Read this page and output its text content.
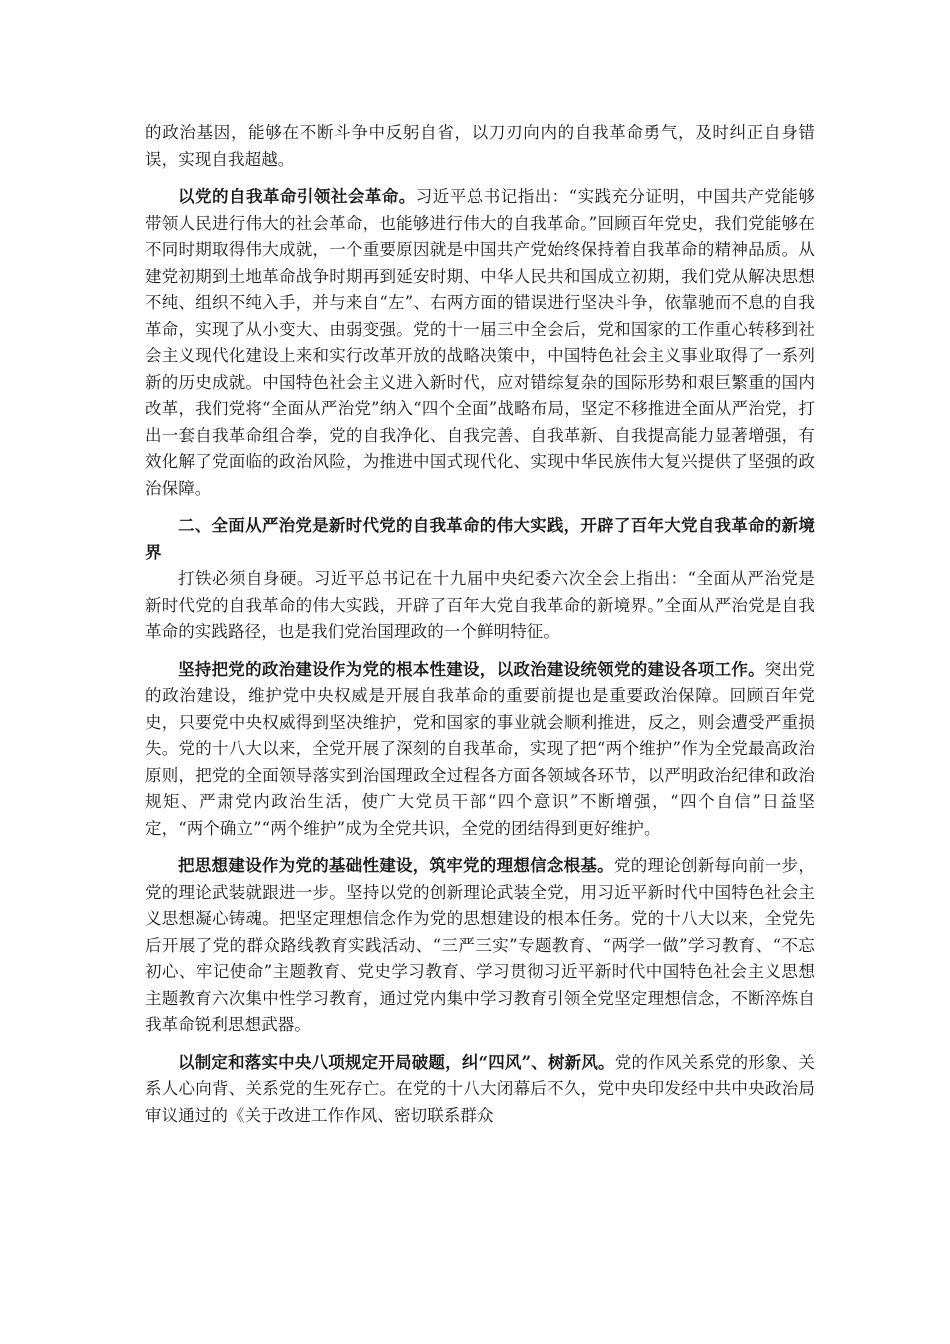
的政治基因，能够在不断斗争中反躬自省，以刀刃向内的自我革命勇气，及时纠正自身错误，实现自我超越。

以党的自我革命引领社会革命。习近平总书记指出：“实践充分证明，中国共产党能够带领人民进行伟大的社会革命，也能够进行伟大的自我革命。”回顾百年党史，我们党能够在不同时期取得伟大成就，一个重要原因就是中国共产党始终保持着自我革命的精神品质。从建党初期到土地革命战争时期再到延安时期、中华人民共和国成立初期，我们党从解决思想不纯、组织不纯入手，并与来自“左”、右两方面的错误进行坚决斗争，依靠驰而不息的自我革命，实现了从小变大、由弱变强。党的十一届三中全会后，党和国家的工作重心转移到社会主义现代化建设上来和实行改革开放的战略决策中，中国特色社会主义事业取得了一系列新的历史成就。中国特色社会主义进入新时代，应对错综复杂的国际形势和艰巨繁重的国内改革，我们党将“全面从严治党”纳入“四个全面”战略布局，坚定不移推进全面从严治党，打出一套自我革命组合拳，党的自我净化、自我完善、自我革新、自我提高能力显著增强，有效化解了党面临的政治风险，为推进中国式现代化、实现中华民族伟大复兴提供了坚强的政治保障。

二、全面从严治党是新时代党的自我革命的伟大实践，开辟了百年大党自我革命的新境界

打铁必须自身硬。习近平总书记在十九届中央纪委六次全会上指出：“全面从严治党是新时代党的自我革命的伟大实践，开辟了百年大党自我革命的新境界。”全面从严治党是自我革命的实践路径，也是我们党治国理政的一个鲜明特征。

坚持把党的政治建设作为党的根本性建设，以政治建设统领党的建设各项工作。突出党的政治建设，维护党中央权威是开展自我革命的重要前提也是重要政治保障。回顾百年党史，只要党中央权威得到坚决维护，党和国家的事业就会顺利推进，反之，则会遭受严重损失。党的十八大以来，全党开展了深刻的自我革命，实现了把“两个维护”作为全党最高政治原则，把党的全面领导落实到治国理政全过程各方面各领域各环节，以严明政治纪律和政治规矩、严肃党内政治生活，使广大党员干部“四个意识”不断增强，“四个自信”日益坚定，“两个确立”“两个维护”成为全党共识，全党的团结得到更好维护。

把思想建设作为党的基础性建设，筑牢党的理想信念根基。党的理论创新每向前一步，党的理论武装就跟进一步。坚持以党的创新理论武装全党，用习近平新时代中国特色社会主义思想凝心铸魂。把坚定理想信念作为党的思想建设的根本任务。党的十八大以来，全党先后开展了党的群众路线教育实践活动、“三严三实”专题教育、“两学一做”学习教育、“不忘初心、牢记使命”主题教育、党史学习教育、学习贯彻习近平新时代中国特色社会主义思想主题教育六次集中性学习教育，通过党内集中学习教育引领全党坚定理想信念，不断淬炼自我革命锐利思想武器。

以制定和落实中央八项规定开局破题，纠“四风”、树新风。党的作风关系党的形象、关系人心向背、关系党的生死存亡。在党的十八大闭幕后不久，党中央印发经中共中央政治局审议通过的《关于改进工作作风、密切联系群众
